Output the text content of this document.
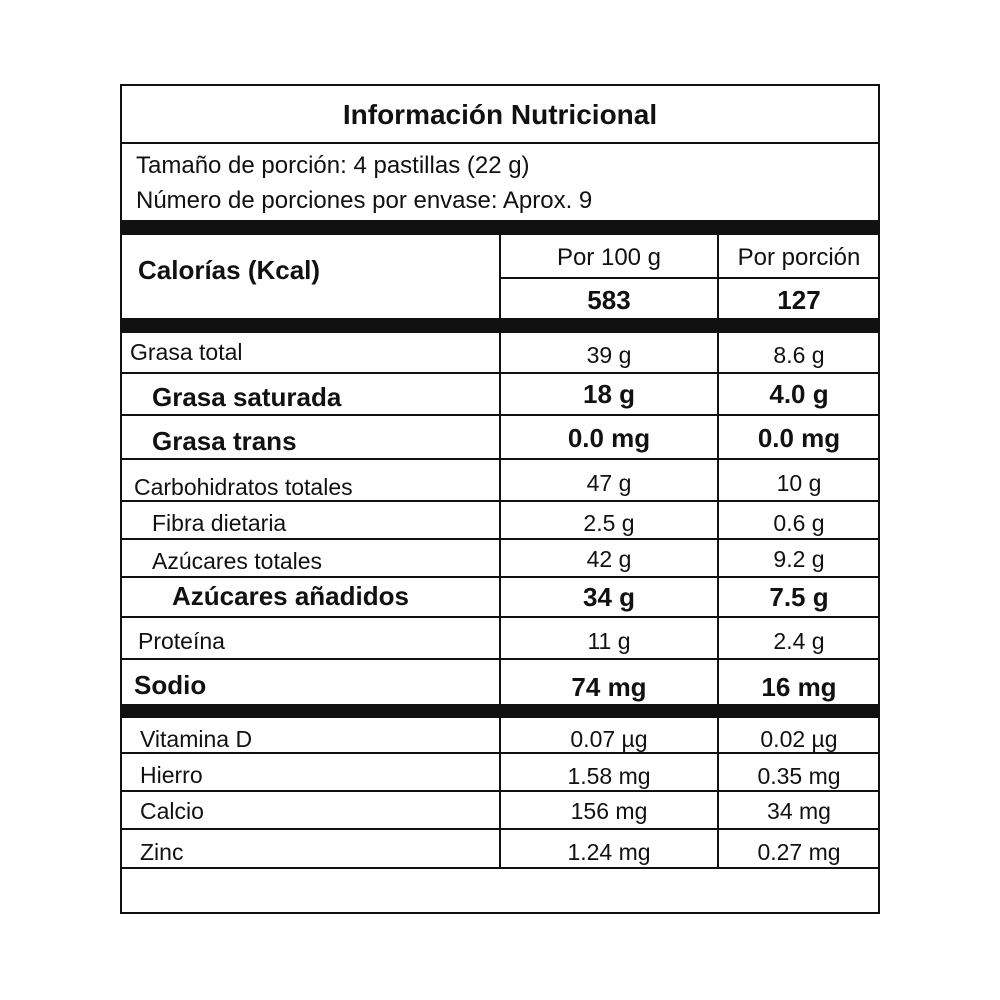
Información Nutricional
Tamaño de porción: 4 pastillas (22 g)
Número de porciones por envase: Aprox. 9
Calorías (Kcal)	Por 100 g	Por porción
583	127
Grasa total	39 g	8.6 g
Grasa saturada	18 g	4.0 g
Grasa trans	0.0 mg	0.0 mg
Carbohidratos totales	47 g	10 g
Fibra dietaria	2.5 g	0.6 g
Azúcares totales	42 g	9.2 g
Azúcares añadidos	34 g	7.5 g
Proteína	11 g	2.4 g
Sodio	74 mg	16 mg
Vitamina D	0.07 µg	0.02 µg
Hierro	1.58 mg	0.35 mg
Calcio	156 mg	34 mg
Zinc	1.24 mg	0.27 mg
